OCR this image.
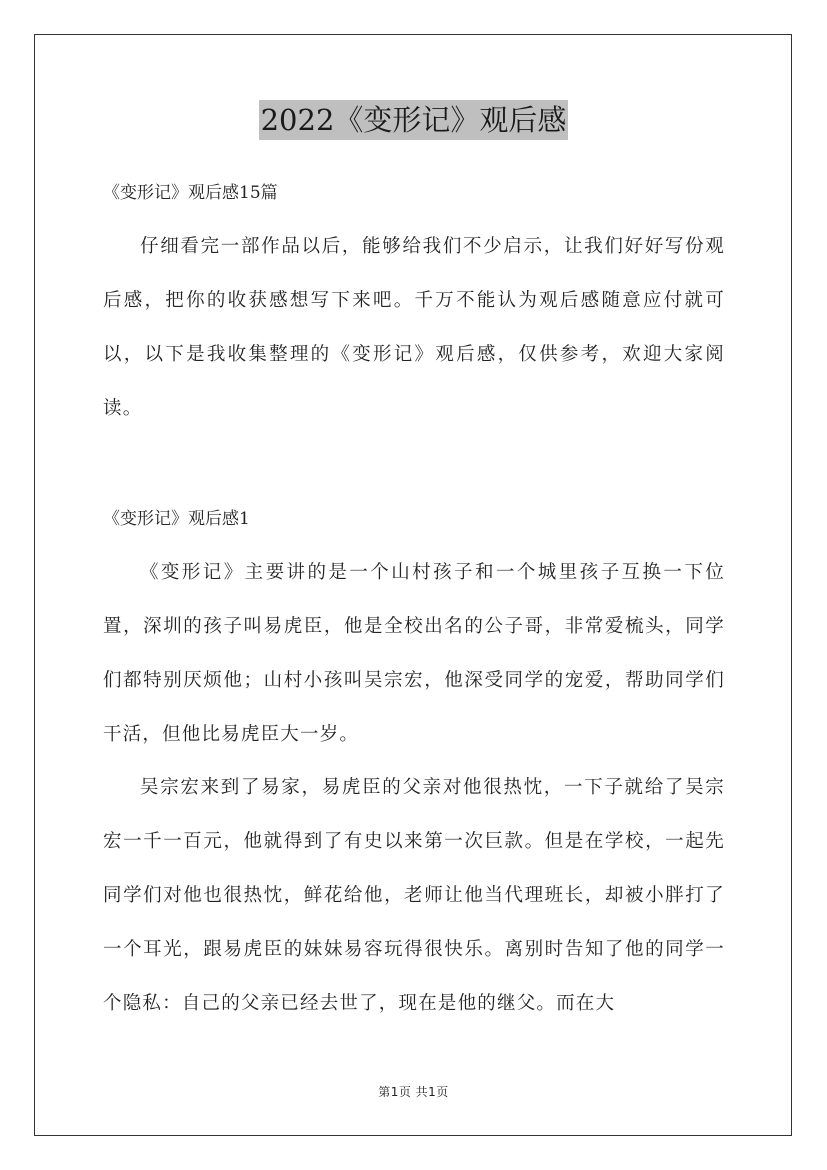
2022《变形记》观后感
《变形记》观后感15篇
仔细看完一部作品以后，能够给我们不少启示，让我们好好写份观后感，把你的收获感想写下来吧。千万不能认为观后感随意应付就可以，以下是我收集整理的《变形记》观后感，仅供参考，欢迎大家阅读。
《变形记》观后感1
《变形记》主要讲的是一个山村孩子和一个城里孩子互换一下位置，深圳的孩子叫易虎臣，他是全校出名的公子哥，非常爱梳头，同学们都特别厌烦他；山村小孩叫吴宗宏，他深受同学的宠爱，帮助同学们干活，但他比易虎臣大一岁。
吴宗宏来到了易家，易虎臣的父亲对他很热忱，一下子就给了吴宗宏一千一百元，他就得到了有史以来第一次巨款。但是在学校，一起先同学们对他也很热忱，鲜花给他，老师让他当代理班长，却被小胖打了一个耳光，跟易虎臣的妹妹易容玩得很快乐。离别时告知了他的同学一个隐私：自己的父亲已经去世了，现在是他的继父。而在大
第1页 共1页
